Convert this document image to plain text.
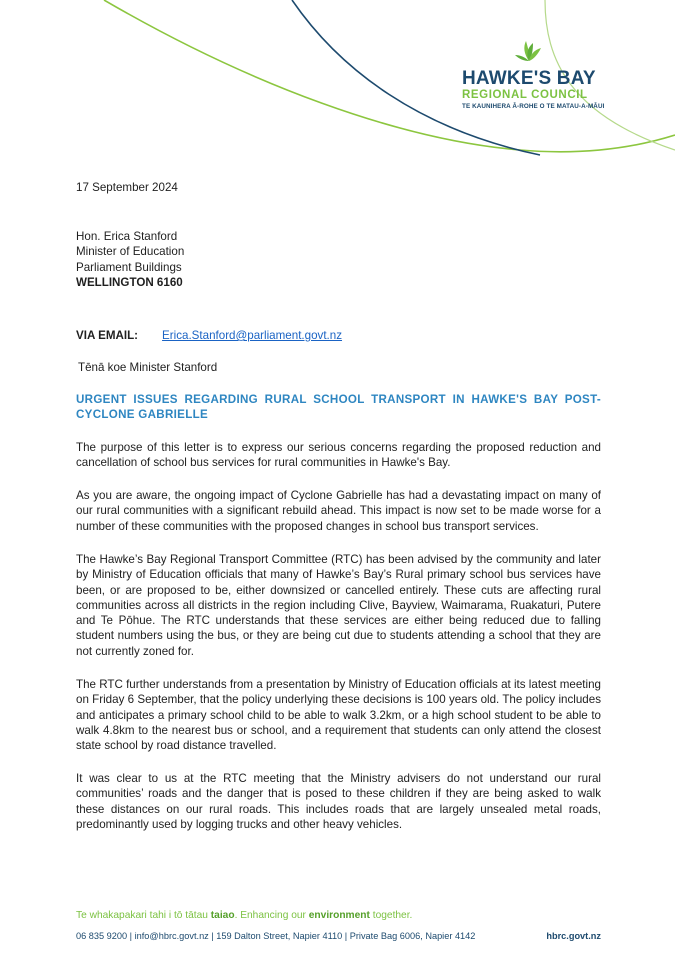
HAWKE'S BAY
REGIONAL COUNCIL
TE KAUNIHERA Ā-ROHE O TE MATAU-A-MĀUI
17 September 2024
Hon. Erica Stanford
Minister of Education
Parliament Buildings
WELLINGTON 6160
VIA EMAIL: Erica.Stanford@parliament.govt.nz
Tēnā koe Minister Stanford
URGENT ISSUES REGARDING RURAL SCHOOL TRANSPORT IN HAWKE'S BAY POST-CYCLONE GABRIELLE

The purpose of this letter is to express our serious concerns regarding the proposed reduction and cancellation of school bus services for rural communities in Hawke's Bay.

As you are aware, the ongoing impact of Cyclone Gabrielle has had a devastating impact on many of our rural communities with a significant rebuild ahead. This impact is now set to be made worse for a number of these communities with the proposed changes in school bus transport services.

The Hawke’s Bay Regional Transport Committee (RTC) has been advised by the community and later by Ministry of Education officials that many of Hawke’s Bay’s Rural primary school bus services have been, or are proposed to be, either downsized or cancelled entirely. These cuts are affecting rural communities across all districts in the region including Clive, Bayview, Waimarama, Ruakaturi, Putere and Te Pōhue. The RTC understands that these services are either being reduced due to falling student numbers using the bus, or they are being cut due to students attending a school that they are not currently zoned for.

The RTC further understands from a presentation by Ministry of Education officials at its latest meeting on Friday 6 September, that the policy underlying these decisions is 100 years old. The policy includes and anticipates a primary school child to be able to walk 3.2km, or a high school student to be able to walk 4.8km to the nearest bus or school, and a requirement that students can only attend the closest state school by road distance travelled.

It was clear to us at the RTC meeting that the Ministry advisers do not understand our rural communities’ roads and the danger that is posed to these children if they are being asked to walk these distances on our rural roads. This includes roads that are largely unsealed metal roads, predominantly used by logging trucks and other heavy vehicles.

Te whakapakari tahi i tō tātau taiao. Enhancing our environment together.
06 835 9200 | info@hbrc.govt.nz | 159 Dalton Street, Napier 4110 | Private Bag 6006, Napier 4142	hbrc.govt.nz
